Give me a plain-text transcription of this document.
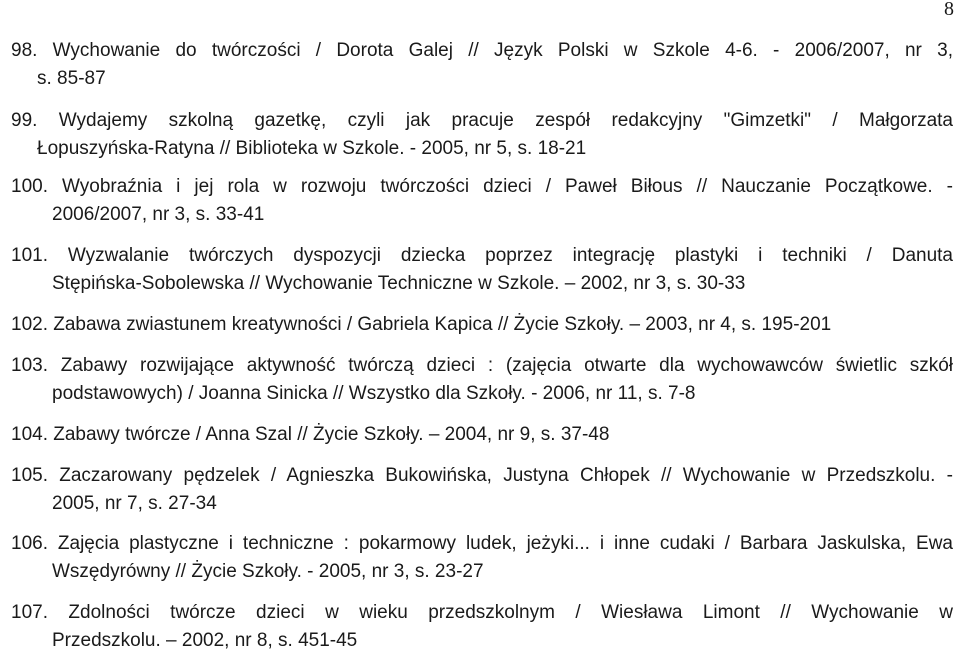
8
98. Wychowanie do twórczości / Dorota Galej // Język Polski w Szkole 4-6. - 2006/2007, nr 3,
s. 85-87
99. Wydajemy szkolną gazetkę, czyli jak pracuje zespół redakcyjny "Gimzetki" / Małgorzata
Łopuszyńska-Ratyna // Biblioteka w Szkole. - 2005, nr 5, s. 18-21
100. Wyobraźnia i jej rola w rozwoju twórczości dzieci / Paweł Biłous // Nauczanie Początkowe. -
2006/2007, nr 3, s. 33-41
101. Wyzwalanie twórczych dyspozycji dziecka poprzez integrację plastyki i techniki / Danuta
Stępińska-Sobolewska // Wychowanie Techniczne w Szkole. – 2002, nr 3, s. 30-33
102. Zabawa zwiastunem kreatywności / Gabriela Kapica // Życie Szkoły. – 2003, nr 4, s. 195-201
103. Zabawy rozwijające aktywność twórczą dzieci : (zajęcia otwarte dla wychowawców świetlic szkół
podstawowych) / Joanna Sinicka // Wszystko dla Szkoły. - 2006, nr 11, s. 7-8
104. Zabawy twórcze / Anna Szal // Życie Szkoły. – 2004, nr 9, s. 37-48
105. Zaczarowany pędzelek / Agnieszka Bukowińska, Justyna Chłopek // Wychowanie w Przedszkolu. -
2005, nr 7, s. 27-34
106. Zajęcia plastyczne i techniczne : pokarmowy ludek, jeżyki... i inne cudaki / Barbara Jaskulska, Ewa
Wszędyrówny // Życie Szkoły. - 2005, nr 3, s. 23-27
107. Zdolności twórcze dzieci w wieku przedszkolnym / Wiesława Limont // Wychowanie w
Przedszkolu. – 2002, nr 8, s. 451-45
